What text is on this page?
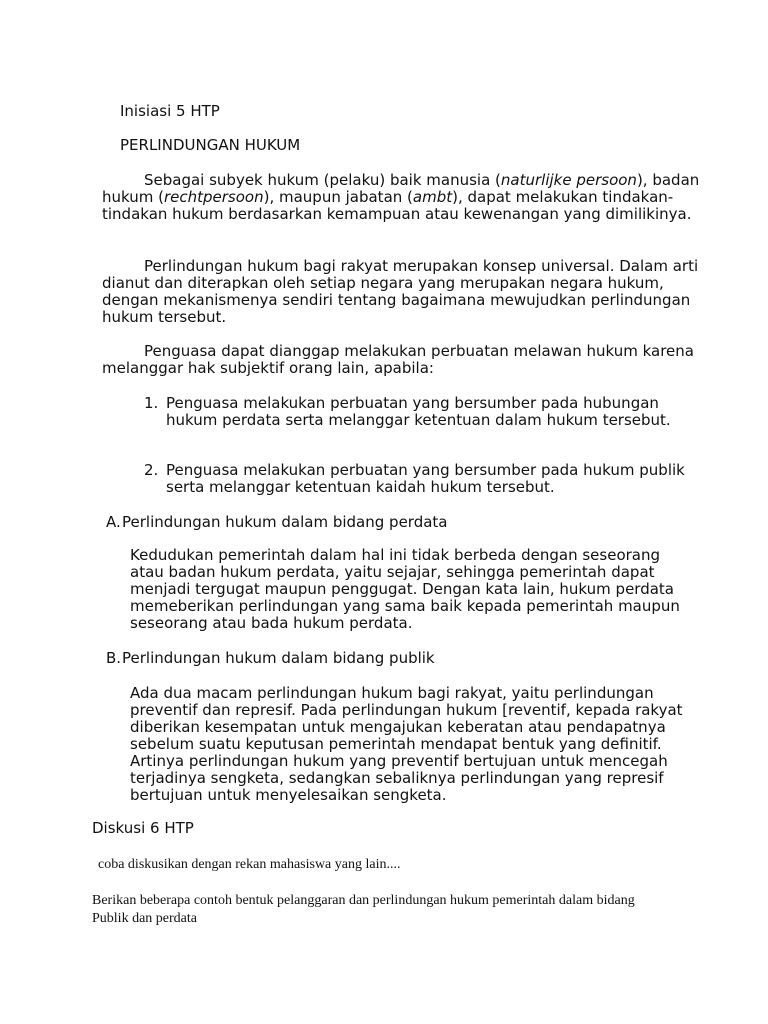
Inisiasi 5 HTP
PERLINDUNGAN HUKUM

Sebagai subyek hukum (pelaku) baik manusia (naturlijke persoon), badan hukum (rechtpersoon), maupun jabatan (ambt), dapat melakukan tindakan-tindakan hukum berdasarkan kemampuan atau kewenangan yang dimilikinya.

Perlindungan hukum bagi rakyat merupakan konsep universal. Dalam arti dianut dan diterapkan oleh setiap negara yang merupakan negara hukum, dengan mekanismenya sendiri tentang bagaimana mewujudkan perlindungan hukum tersebut.

Penguasa dapat dianggap melakukan perbuatan melawan hukum karena melanggar hak subjektif orang lain, apabila:

1. Penguasa melakukan perbuatan yang bersumber pada hubungan hukum perdata serta melanggar ketentuan dalam hukum tersebut.
2. Penguasa melakukan perbuatan yang bersumber pada hukum publik serta melanggar ketentuan kaidah hukum tersebut.
A.Perlindungan hukum dalam bidang perdata
Kedudukan pemerintah dalam hal ini tidak berbeda dengan seseorang atau badan hukum perdata, yaitu sejajar, sehingga pemerintah dapat menjadi tergugat maupun penggugat. Dengan kata lain, hukum perdata memeberikan perlindungan yang sama baik kepada pemerintah maupun seseorang atau bada hukum perdata.
B.Perlindungan hukum dalam bidang publik
Ada dua macam perlindungan hukum bagi rakyat, yaitu perlindungan preventif dan represif. Pada perlindungan hukum [reventif, kepada rakyat diberikan kesempatan untuk mengajukan keberatan atau pendapatnya sebelum suatu keputusan pemerintah mendapat bentuk yang definitif. Artinya perlindungan hukum yang preventif bertujuan untuk mencegah terjadinya sengketa, sedangkan sebaliknya perlindungan yang represif bertujuan untuk menyelesaikan sengketa.
Diskusi 6 HTP
coba diskusikan dengan rekan mahasiswa yang lain....
Berikan beberapa contoh bentuk pelanggaran dan perlindungan hukum pemerintah dalam bidang Publik dan perdata
